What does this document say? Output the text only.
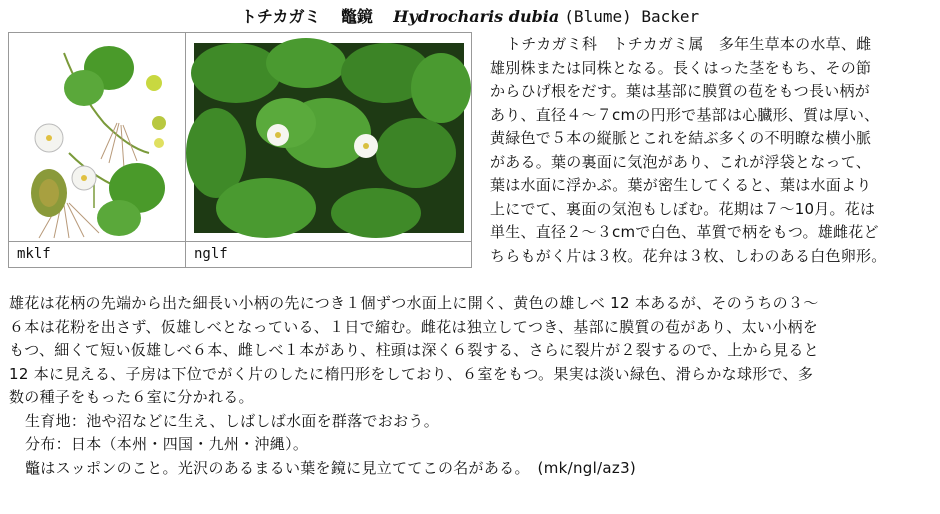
トチカガミ 鼈鏡 Hydrocharis dubia (Blume) Backer
mklf	nglf
トチカガミ科　トチカガミ属　多年生草本の水草、雌
雄別株または同株となる。長くはった茎をもち、その節
からひげ根をだす。葉は基部に膜質の苞をもつ長い柄が
あり、直径４〜７cmの円形で基部は心臓形、質は厚い、
黄緑色で５本の縦脈とこれを結ぶ多くの不明瞭な横小脈
がある。葉の裏面に気泡があり、これが浮袋となって、
葉は水面に浮かぶ。葉が密生してくると、葉は水面より
上にでて、裏面の気泡もしぼむ。花期は７〜10月。花は
単生、直径２〜３cmで白色、革質で柄をもつ。雄雌花ど
ちらもがく片は３枚。花弁は３枚、しわのある白色卵形。
雄花は花柄の先端から出た細長い小柄の先につき１個ずつ水面上に開く、黄色の雄しべ 12 本あるが、そのうちの３〜
６本は花粉を出さず、仮雄しべとなっている、１日で縮む。雌花は独立してつき、基部に膜質の苞があり、太い小柄を
もつ、細くて短い仮雄しべ６本、雌しべ１本があり、柱頭は深く６裂する、さらに裂片が２裂するので、上から見ると
12 本に見える、子房は下位でがく片のしたに楕円形をしており、６室をもつ。果実は淡い緑色、滑らかな球形で、多
数の種子をもった６室に分かれる。
生育地：池や沼などに生え、しばしば水面を群落でおおう。
分布：日本（本州・四国・九州・沖縄）。
鼈はスッポンのこと。光沢のあるまるい葉を鏡に見立ててこの名がある。　(mk/ngl/az3)
